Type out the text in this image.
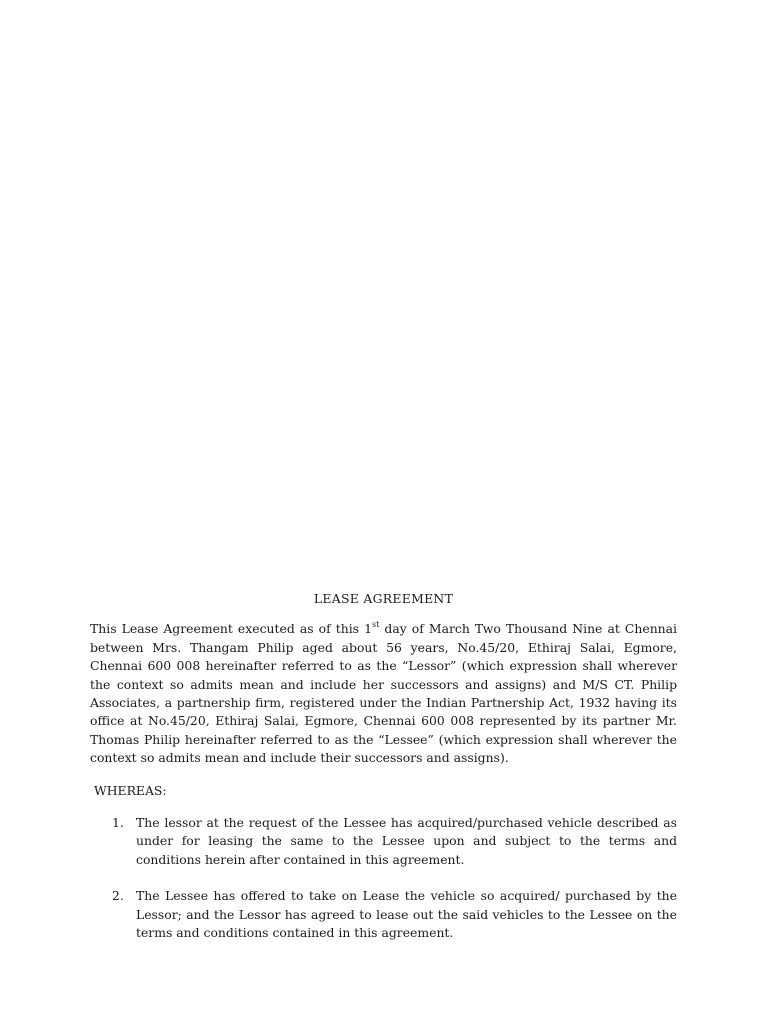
LEASE AGREEMENT

This Lease Agreement executed as of this 1st day of March Two Thousand Nine at Chennai between Mrs. Thangam Philip aged about 56 years, No.45/20, Ethiraj Salai, Egmore, Chennai 600 008 hereinafter referred to as the “Lessor” (which expression shall wherever the context so admits mean and include her successors and assigns) and M/S CT. Philip Associates, a partnership firm, registered under the Indian Partnership Act, 1932 having its office at No.45/20, Ethiraj Salai, Egmore, Chennai 600 008 represented by its partner Mr. Thomas Philip hereinafter referred to as the “Lessee” (which expression shall wherever the context so admits mean and include their successors and assigns).

WHEREAS:
1. The lessor at the request of the Lessee has acquired/purchased vehicle described as under for leasing the same to the Lessee upon and subject to the terms and conditions herein after contained in this agreement.
2. The Lessee has offered to take on Lease the vehicle so acquired/ purchased by the Lessor; and the Lessor has agreed to lease out the said vehicles to the Lessee on the terms and conditions contained in this agreement.
